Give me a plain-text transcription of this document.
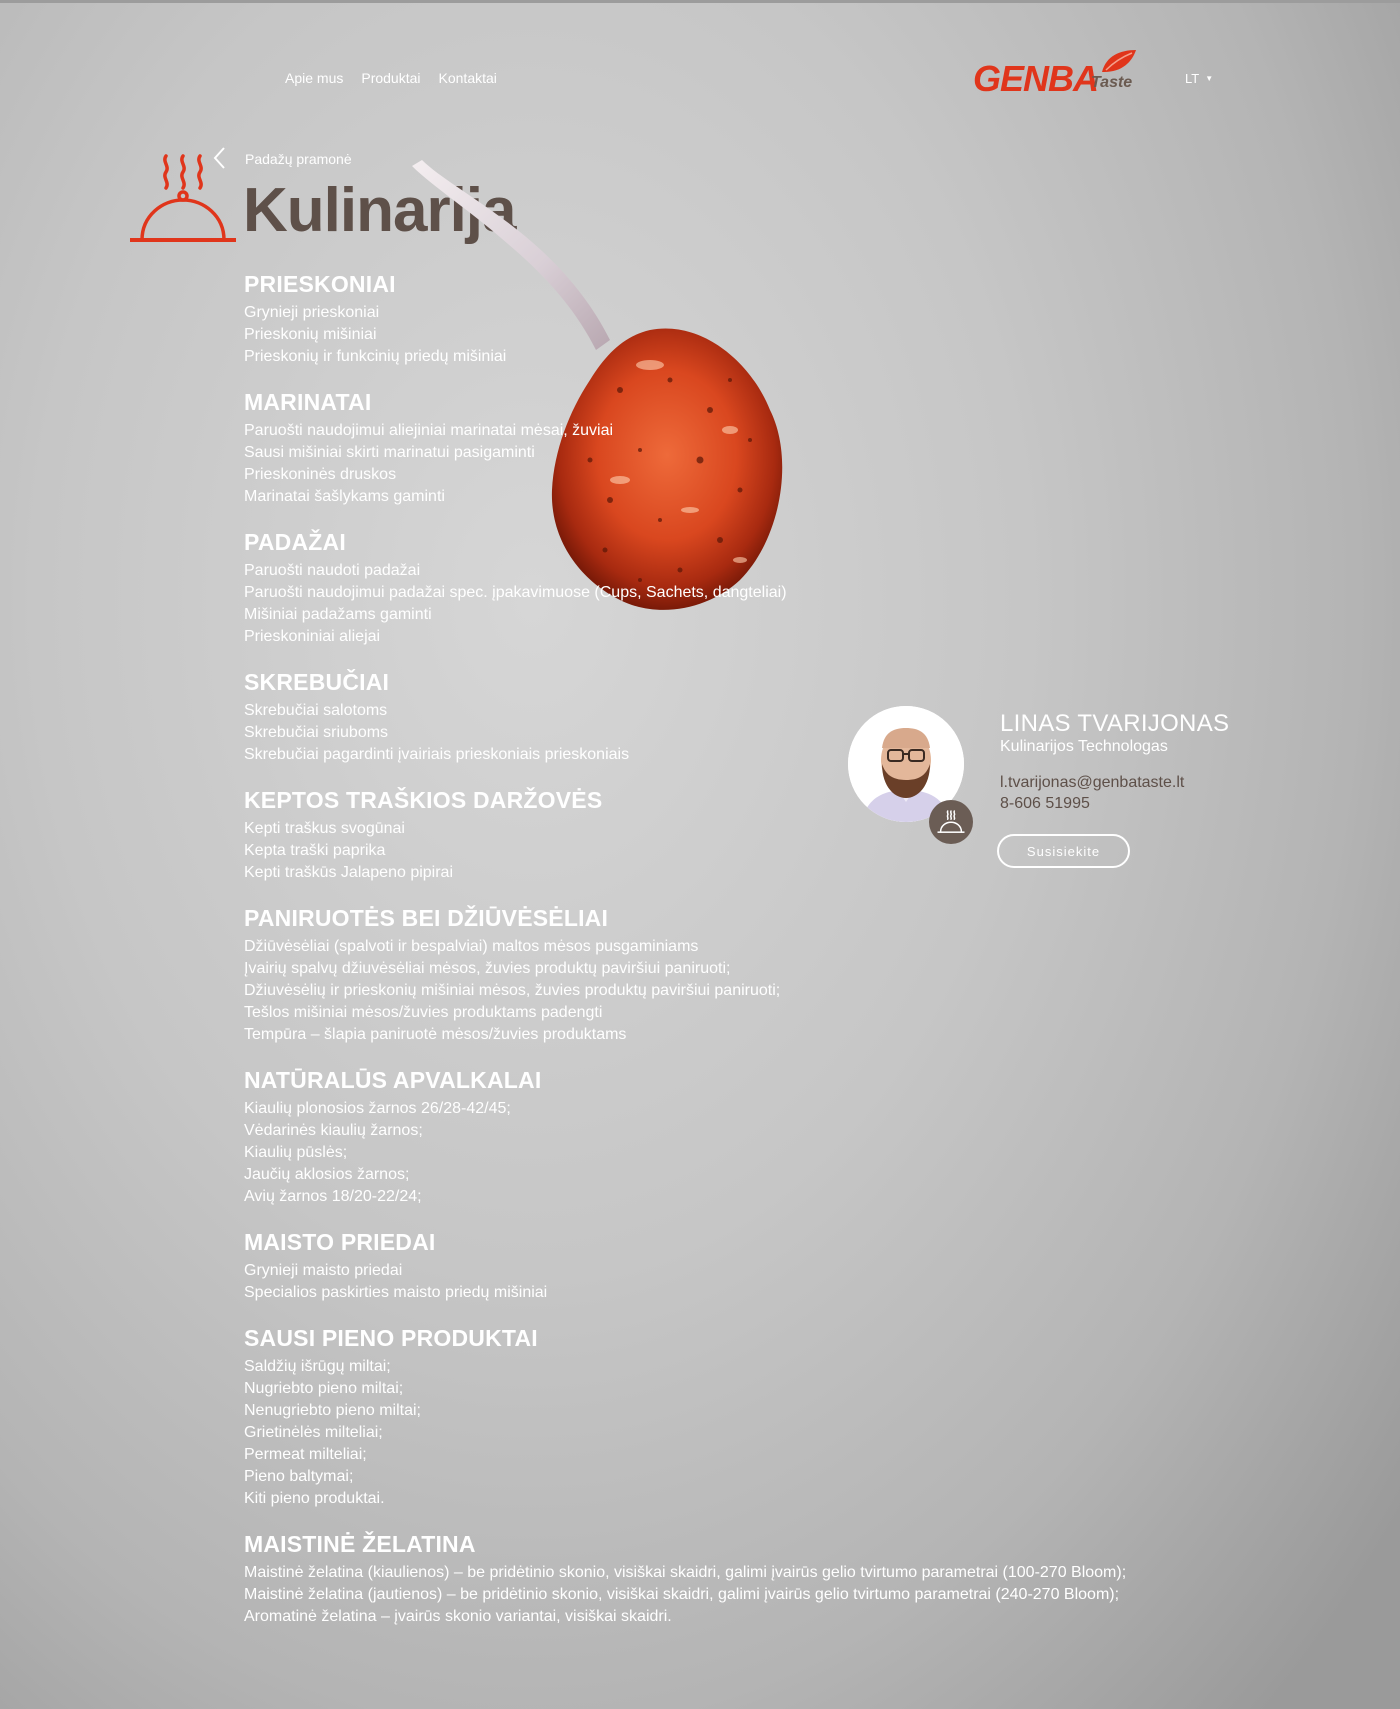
Apie mus Produktai Kontaktai	GENBA
Taste	LT ▼
Padažų pramonė
Kulinarija
PRIESKONIAI
Grynieji prieskoniai
Prieskonių mišiniai
Prieskonių ir funkcinių priedų mišiniai
MARINATAI
Paruošti naudojimui aliejiniai marinatai mėsai, žuviai
Sausi mišiniai skirti marinatui pasigaminti
Prieskoninės druskos
Marinatai šašlykams gaminti
PADAŽAI
Paruošti naudoti padažai
Paruošti naudojimui padažai spec. įpakavimuose (Cups, Sachets, dangteliai)
Mišiniai padažams gaminti
Prieskoniniai aliejai
SKREBUČIAI
Skrebučiai salotoms
Skrebučiai sriuboms
Skrebučiai pagardinti įvairiais prieskoniais prieskoniais
KEPTOS TRAŠKIOS DARŽOVĖS
Kepti traškus svogūnai
Kepta traški paprika
Kepti traškūs Jalapeno pipirai
PANIRUOTĖS BEI DŽIŪVĖSĖLIAI
Džiūvėsėliai (spalvoti ir bespalviai) maltos mėsos pusgaminiams
Įvairių spalvų džiuvėsėliai mėsos, žuvies produktų paviršiui paniruoti;
Džiuvėsėlių ir prieskonių mišiniai mėsos, žuvies produktų paviršiui paniruoti;
Tešlos mišiniai mėsos/žuvies produktams padengti
Tempūra – šlapia paniruotė mėsos/žuvies produktams
NATŪRALŪS APVALKALAI
Kiaulių plonosios žarnos 26/28-42/45;
Vėdarinės kiaulių žarnos;
Kiaulių pūslės;
Jaučių aklosios žarnos;
Avių žarnos 18/20-22/24;
MAISTO PRIEDAI
Grynieji maisto priedai
Specialios paskirties maisto priedų mišiniai
SAUSI PIENO PRODUKTAI
Saldžių išrūgų miltai;
Nugriebto pieno miltai;
Nenugriebto pieno miltai;
Grietinėlės milteliai;
Permeat milteliai;
Pieno baltymai;
Kiti pieno produktai.
MAISTINĖ ŽELATINA
Maistinė želatina (kiaulienos) – be pridėtinio skonio, visiškai skaidri, galimi įvairūs gelio tvirtumo parametrai (100-270 Bloom);
Maistinė želatina (jautienos) – be pridėtinio skonio, visiškai skaidri, galimi įvairūs gelio tvirtumo parametrai (240-270 Bloom);
Aromatinė želatina – įvairūs skonio variantai, visiškai skaidri.
LINAS TVARIJONAS
Kulinarijos Technologas
l.tvarijonas@genbataste.lt
8-606 51995
Susisiekite
